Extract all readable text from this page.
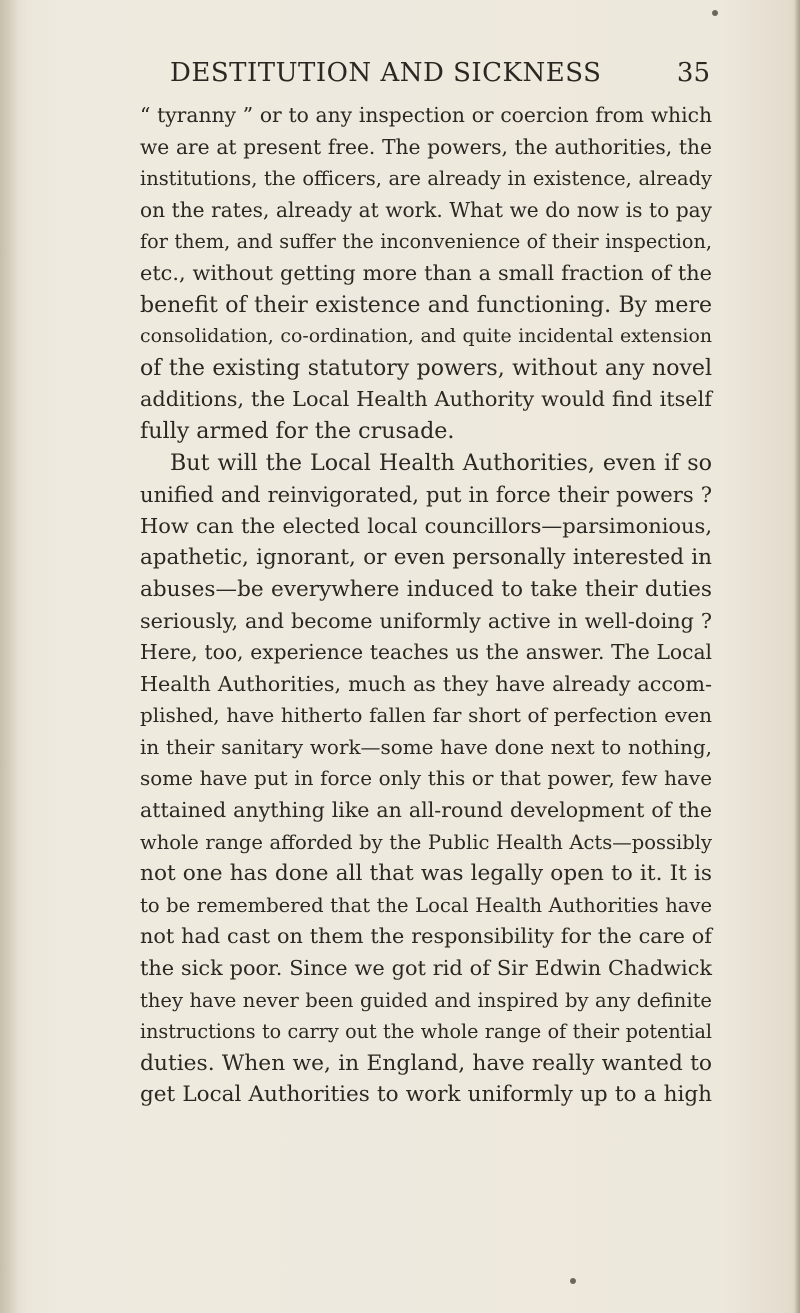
DESTITUTION AND SICKNESS	35
“ tyranny ” or to any inspection or coercion from which
we are at present free. The powers, the authorities, the
institutions, the officers, are already in existence, already
on the rates, already at work. What we do now is to pay
for them, and suffer the inconvenience of their inspection,
etc., without getting more than a small fraction of the
benefit of their existence and functioning. By mere
consolidation, co-ordination, and quite incidental extension
of the existing statutory powers, without any novel
additions, the Local Health Authority would find itself
fully armed for the crusade.
But will the Local Health Authorities, even if so
unified and reinvigorated, put in force their powers ?
How can the elected local councillors—parsimonious,
apathetic, ignorant, or even personally interested in
abuses—be everywhere induced to take their duties
seriously, and become uniformly active in well-doing ?
Here, too, experience teaches us the answer. The Local
Health Authorities, much as they have already accom-
plished, have hitherto fallen far short of perfection even
in their sanitary work—some have done next to nothing,
some have put in force only this or that power, few have
attained anything like an all-round development of the
whole range afforded by the Public Health Acts—possibly
not one has done all that was legally open to it. It is
to be remembered that the Local Health Authorities have
not had cast on them the responsibility for the care of
the sick poor. Since we got rid of Sir Edwin Chadwick
they have never been guided and inspired by any definite
instructions to carry out the whole range of their potential
duties. When we, in England, have really wanted to
get Local Authorities to work uniformly up to a high
